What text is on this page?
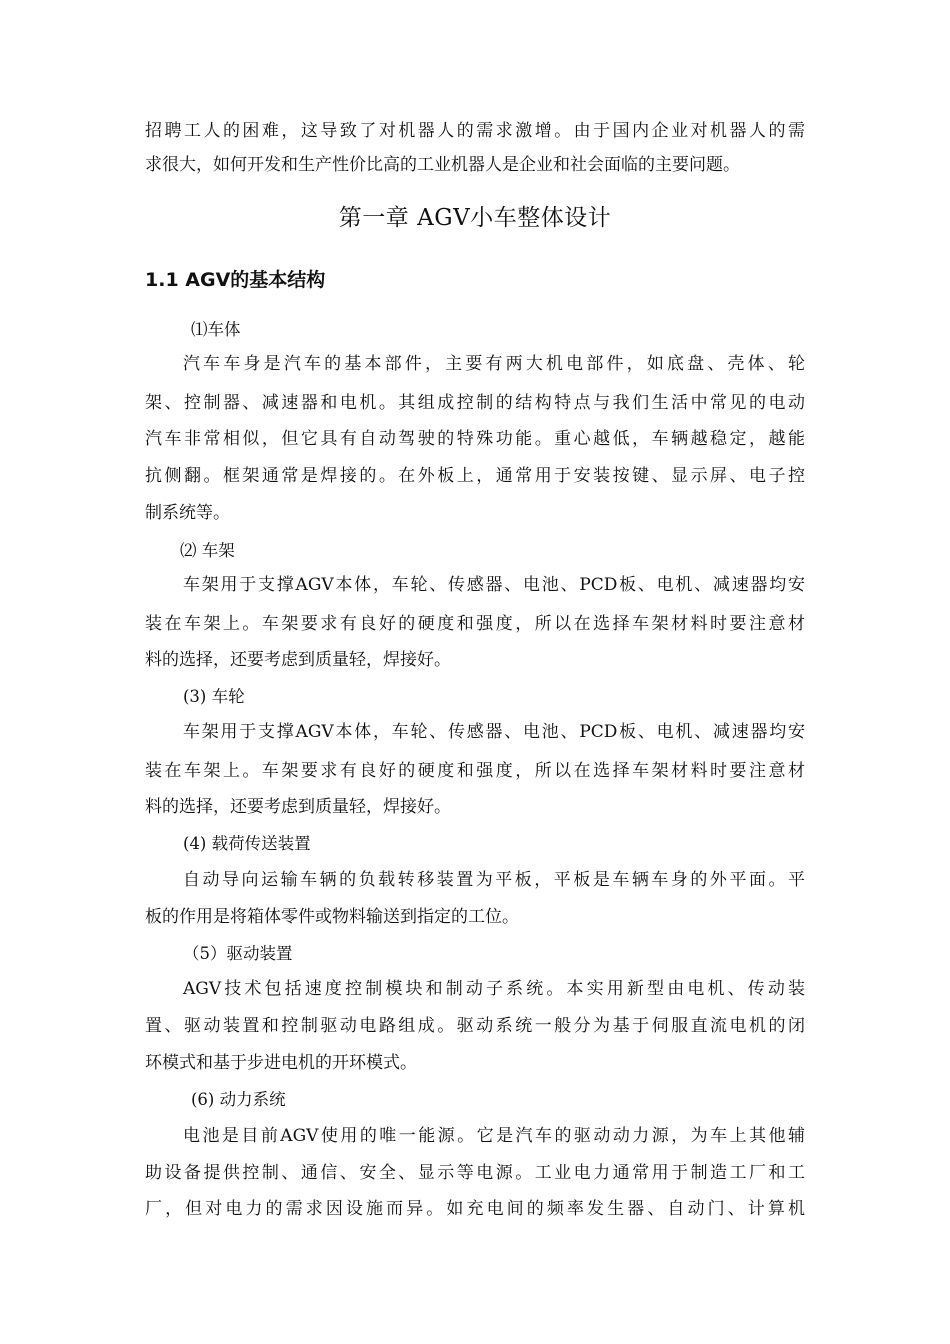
招聘工人的困难，这导致了对机器人的需求激增。由于国内企业对机器人的需
求很大，如何开发和生产性价比高的工业机器人是企业和社会面临的主要问题。
第一章 AGV小车整体设计
1.1 AGV的基本结构
⑴车体
汽车车身是汽车的基本部件，主要有两大机电部件，如底盘、壳体、轮
架、控制器、减速器和电机。其组成控制的结构特点与我们生活中常见的电动
汽车非常相似，但它具有自动驾驶的特殊功能。重心越低，车辆越稳定，越能
抗侧翻。框架通常是焊接的。在外板上，通常用于安装按键、显示屏、电子控
制系统等。
⑵ 车架
车架用于支撑AGV本体，车轮、传感器、电池、PCD板、电机、减速器均安
装在车架上。车架要求有良好的硬度和强度，所以在选择车架材料时要注意材
料的选择，还要考虑到质量轻，焊接好。
(3) 车轮
车架用于支撑AGV本体，车轮、传感器、电池、PCD板、电机、减速器均安
装在车架上。车架要求有良好的硬度和强度，所以在选择车架材料时要注意材
料的选择，还要考虑到质量轻，焊接好。
(4) 载荷传送装置
自动导向运输车辆的负载转移装置为平板，平板是车辆车身的外平面。平
板的作用是将箱体零件或物料输送到指定的工位。
（5）驱动装置
AGV技术包括速度控制模块和制动子系统。本实用新型由电机、传动装
置、驱动装置和控制驱动电路组成。驱动系统一般分为基于伺服直流电机的闭
环模式和基于步进电机的开环模式。
(6) 动力系统
电池是目前AGV使用的唯一能源。它是汽车的驱动动力源，为车上其他辅
助设备提供控制、通信、安全、显示等电源。工业电力通常用于制造工厂和工
厂，但对电力的需求因设施而异。如充电间的频率发生器、自动门、计算机
